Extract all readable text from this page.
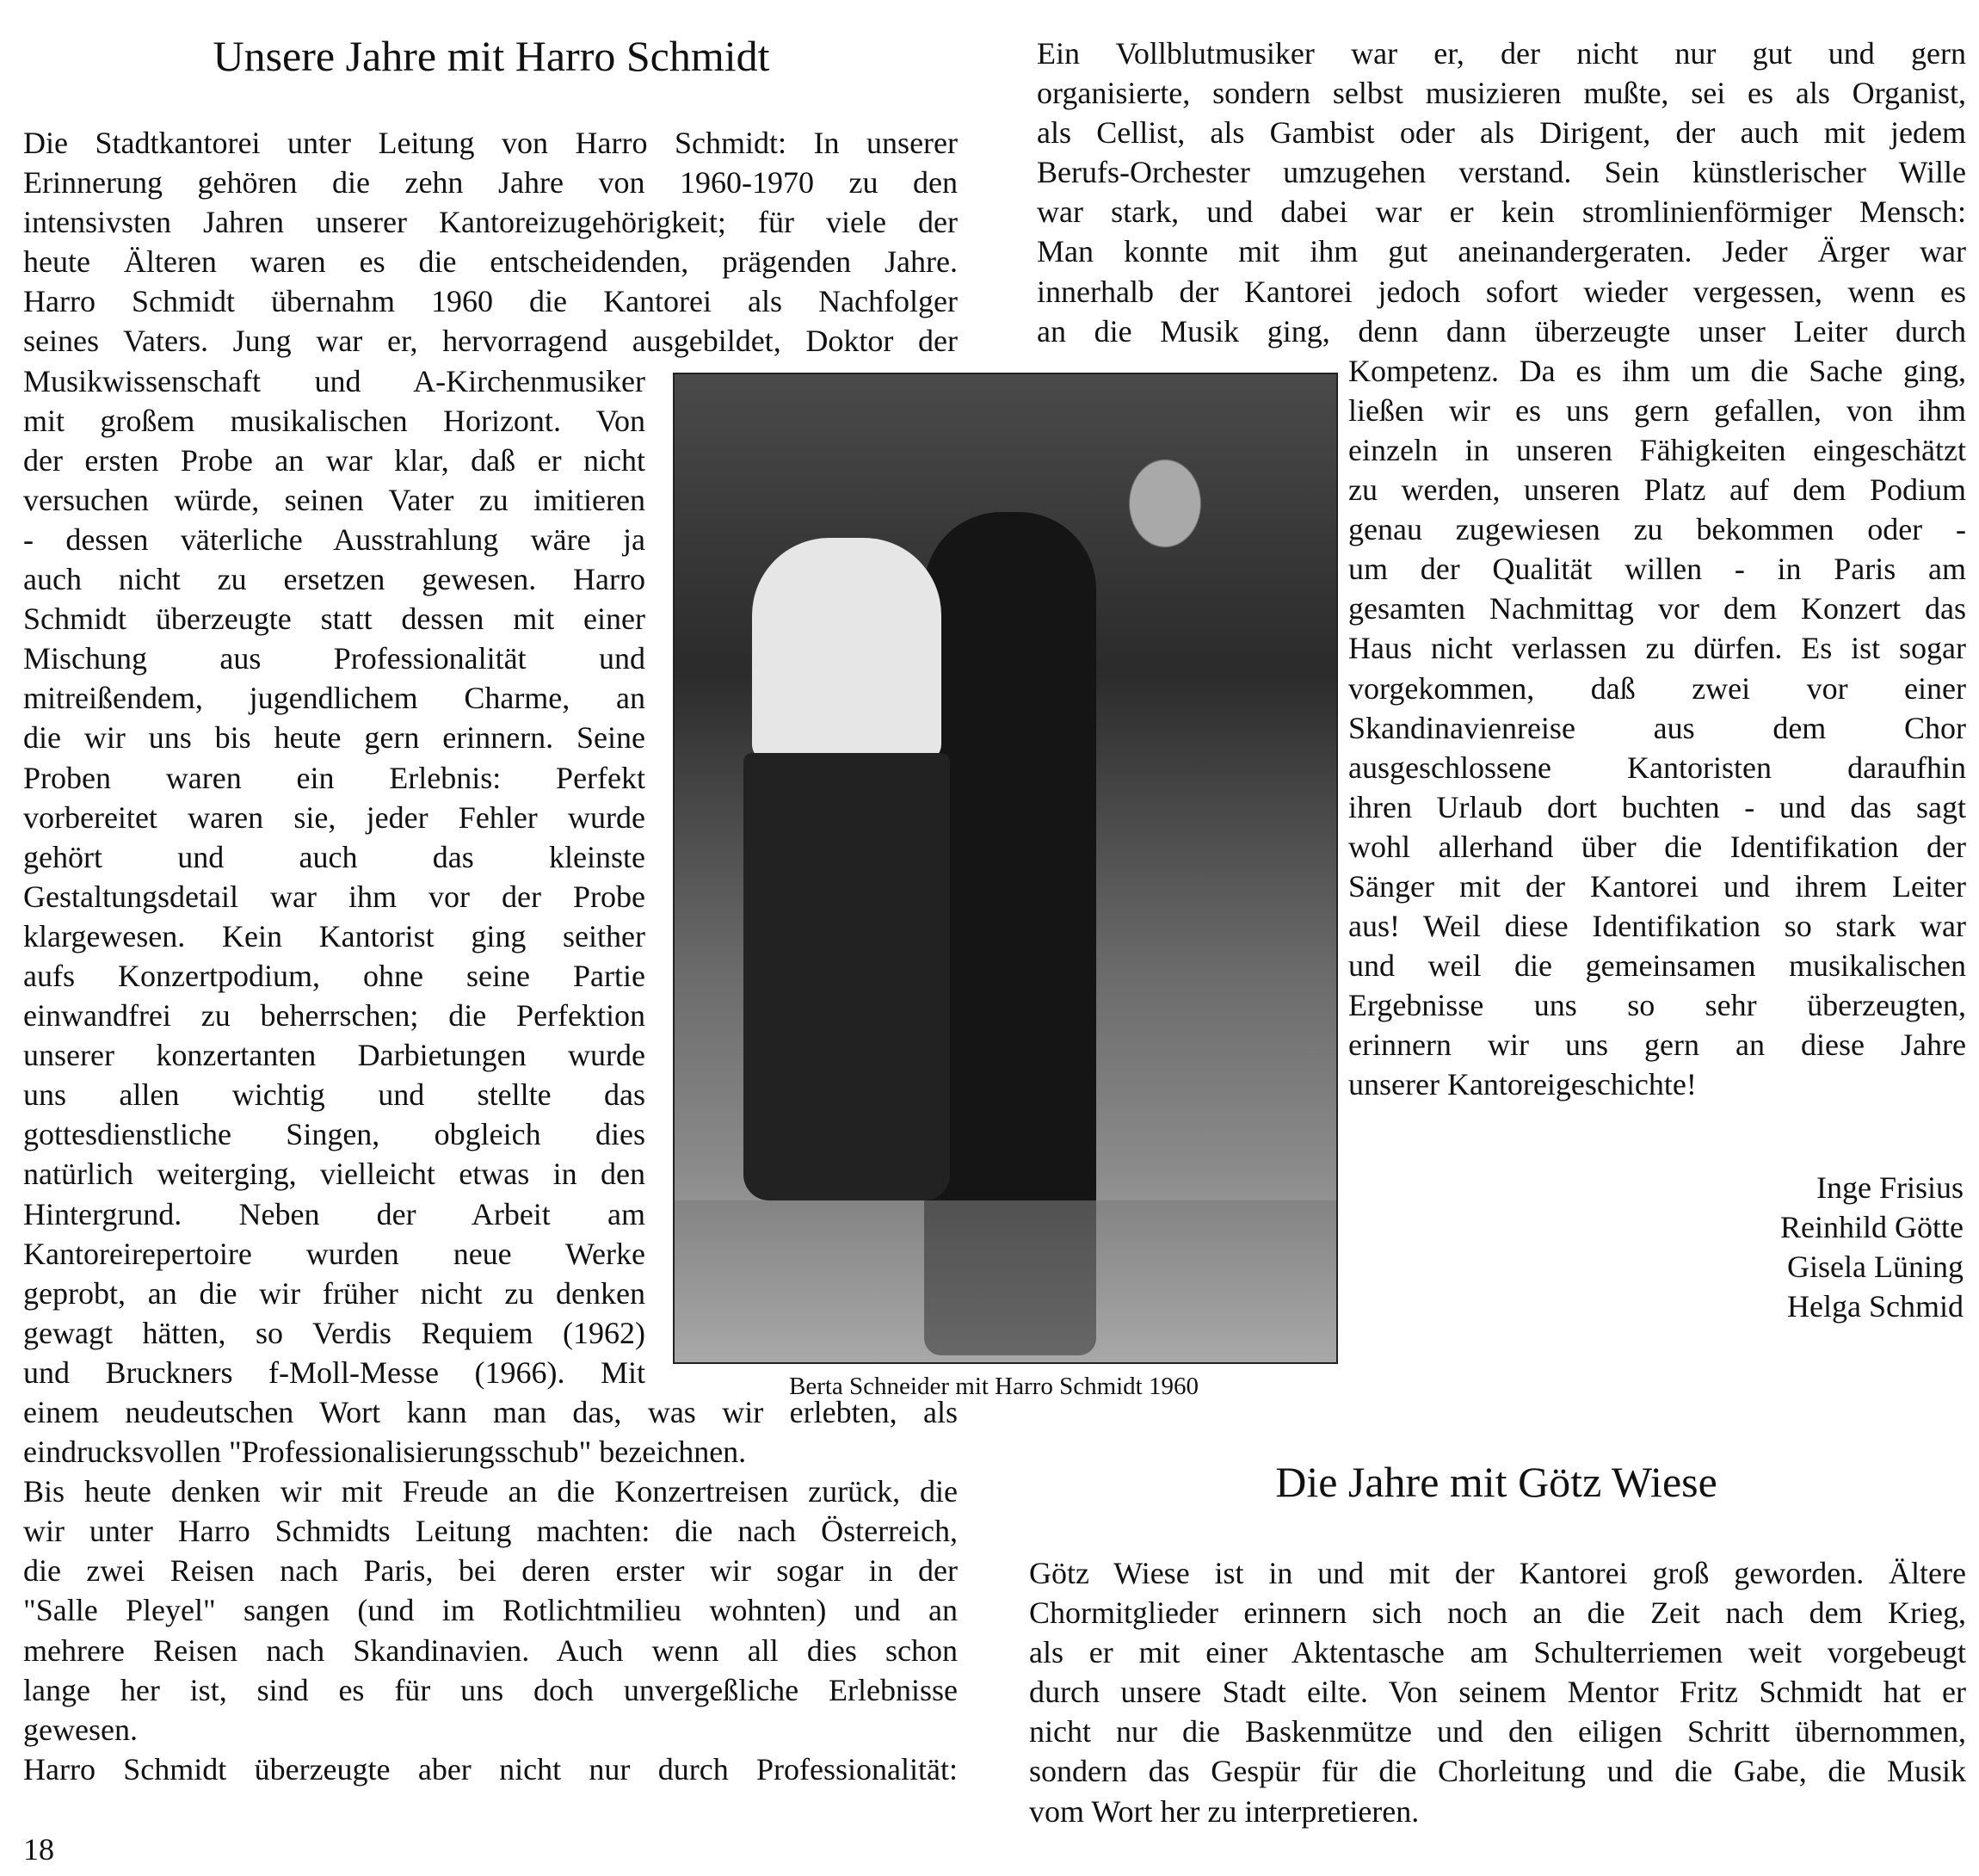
Unsere Jahre mit Harro Schmidt
Die Stadtkantorei unter Leitung von Harro Schmidt: In unserer
Erinnerung gehören die zehn Jahre von 1960-1970 zu den
intensivsten Jahren unserer Kantoreizugehörigkeit; für viele der
heute Älteren waren es die entscheidenden, prägenden Jahre.
Harro Schmidt übernahm 1960 die Kantorei als Nachfolger
seines Vaters. Jung war er, hervorragend ausgebildet, Doktor der
Musikwissenschaft und A-Kirchenmusiker
mit großem musikalischen Horizont. Von
der ersten Probe an war klar, daß er nicht
versuchen würde, seinen Vater zu imitieren
- dessen väterliche Ausstrahlung wäre ja
auch nicht zu ersetzen gewesen. Harro
Schmidt überzeugte statt dessen mit einer
Mischung aus Professionalität und
mitreißendem, jugendlichem Charme, an
die wir uns bis heute gern erinnern. Seine
Proben waren ein Erlebnis: Perfekt
vorbereitet waren sie, jeder Fehler wurde
gehört und auch das kleinste
Gestaltungsdetail war ihm vor der Probe
klargewesen. Kein Kantorist ging seither
aufs Konzertpodium, ohne seine Partie
einwandfrei zu beherrschen; die Perfektion
unserer konzertanten Darbietungen wurde
uns allen wichtig und stellte das
gottesdienstliche Singen, obgleich dies
natürlich weiterging, vielleicht etwas in den
Hintergrund. Neben der Arbeit am
Kantoreirepertoire wurden neue Werke
geprobt, an die wir früher nicht zu denken
gewagt hätten, so Verdis Requiem (1962)
und Bruckners f-Moll-Messe (1966). Mit
einem neudeutschen Wort kann man das, was wir erlebten, als
eindrucksvollen "Professionalisierungsschub" bezeichnen.
Bis heute denken wir mit Freude an die Konzertreisen zurück, die
wir unter Harro Schmidts Leitung machten: die nach Österreich,
die zwei Reisen nach Paris, bei deren erster wir sogar in der
"Salle Pleyel" sangen (und im Rotlichtmilieu wohnten) und an
mehrere Reisen nach Skandinavien. Auch wenn all dies schon
lange her ist, sind es für uns doch unvergeßliche Erlebnisse
gewesen.
Harro Schmidt überzeugte aber nicht nur durch Professionalität:
Ein Vollblutmusiker war er, der nicht nur gut und gern
organisierte, sondern selbst musizieren mußte, sei es als Organist,
als Cellist, als Gambist oder als Dirigent, der auch mit jedem
Berufs-Orchester umzugehen verstand. Sein künstlerischer Wille
war stark, und dabei war er kein stromlinienförmiger Mensch:
Man konnte mit ihm gut aneinandergeraten. Jeder Ärger war
innerhalb der Kantorei jedoch sofort wieder vergessen, wenn es
an die Musik ging, denn dann überzeugte unser Leiter durch
Kompetenz. Da es ihm um die Sache ging,
ließen wir es uns gern gefallen, von ihm
einzeln in unseren Fähigkeiten eingeschätzt
zu werden, unseren Platz auf dem Podium
genau zugewiesen zu bekommen oder -
um der Qualität willen - in Paris am
gesamten Nachmittag vor dem Konzert das
Haus nicht verlassen zu dürfen. Es ist sogar
vorgekommen, daß zwei vor einer
Skandinavienreise aus dem Chor
ausgeschlossene Kantoristen daraufhin
ihren Urlaub dort buchten - und das sagt
wohl allerhand über die Identifikation der
Sänger mit der Kantorei und ihrem Leiter
aus! Weil diese Identifikation so stark war
und weil die gemeinsamen musikalischen
Ergebnisse uns so sehr überzeugten,
erinnern wir uns gern an diese Jahre
unserer Kantoreigeschichte!
Inge Frisius
Reinhild Götte
Gisela Lüning
Helga Schmid
Berta Schneider mit Harro Schmidt 1960
Die Jahre mit Götz Wiese
Götz Wiese ist in und mit der Kantorei groß geworden. Ältere
Chormitglieder erinnern sich noch an die Zeit nach dem Krieg,
als er mit einer Aktentasche am Schulterriemen weit vorgebeugt
durch unsere Stadt eilte. Von seinem Mentor Fritz Schmidt hat er
nicht nur die Baskenmütze und den eiligen Schritt übernommen,
sondern das Gespür für die Chorleitung und die Gabe, die Musik
vom Wort her zu interpretieren.
18
